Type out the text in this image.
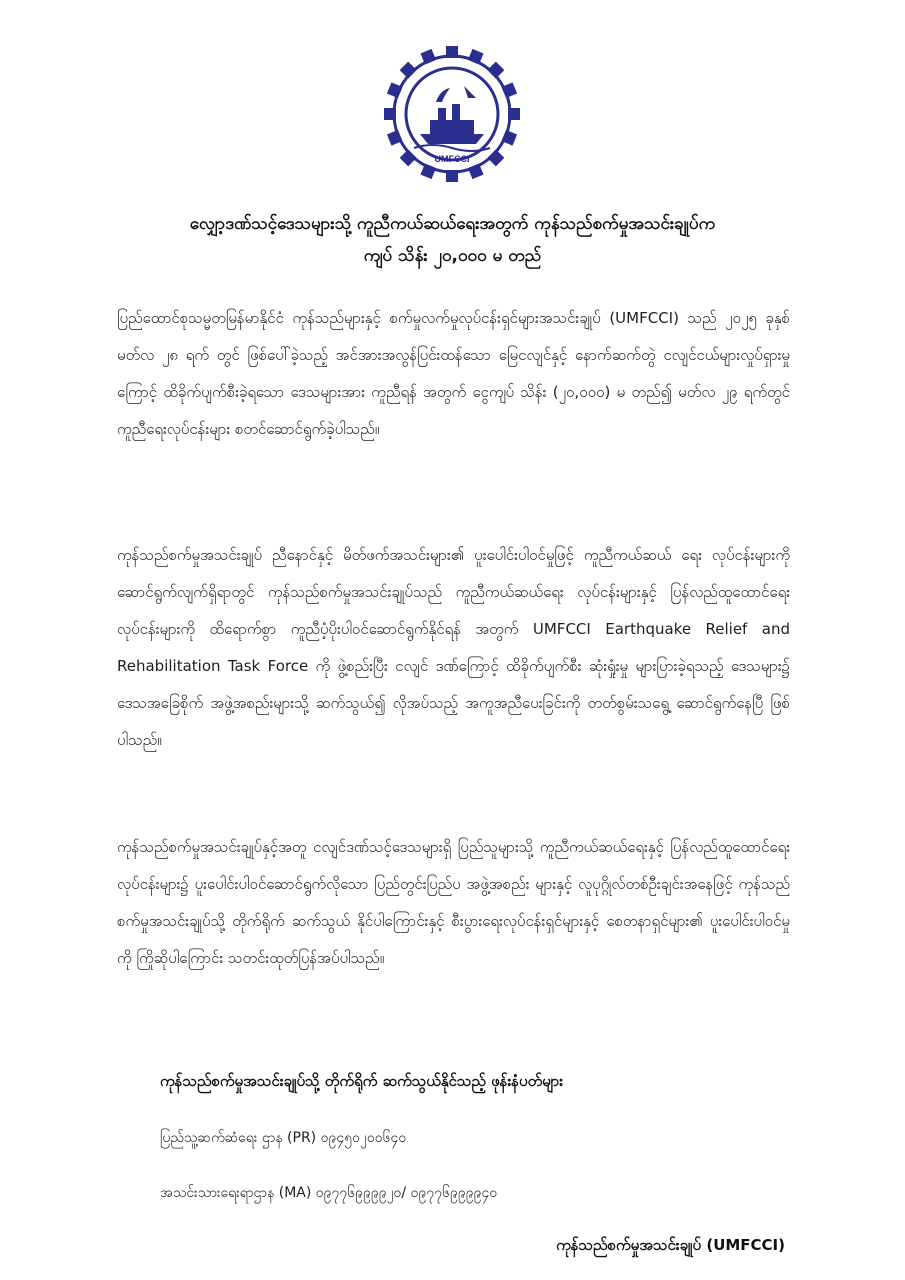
UMFCCI
လျှော့ဒဏ်သင့်ဒေသများသို့ ကူညီကယ်ဆယ်ရေးအတွက် ကုန်သည်စက်မှုအသင်းချုပ်က
ကျပ် သိန်း ၂၀,၀၀၀ မ တည်

ပြည်ထောင်စုသမ္မတမြန်မာနိုင်ငံ ကုန်သည်များနှင့် စက်မှုလက်မှုလုပ်ငန်းရှင်များအသင်းချုပ် (UMFCCI) သည် ၂၀၂၅ ခုနှစ် မတ်လ ၂၈ ရက် တွင် ဖြစ်ပေါ်ခဲ့သည့် အင်အားအလွန်ပြင်းထန်သော မြေငလျင်နှင့် နောက်ဆက်တွဲ ငလျင်ငယ်များလှုပ်ရှားမှုကြောင့် ထိခိုက်ပျက်စီးခဲ့ရသော ဒေသများအား ကူညီရန် အတွက် ငွေကျပ် သိန်း (၂၀,၀၀၀) မ တည်၍ မတ်လ ၂၉ ရက်တွင် ကူညီရေးလုပ်ငန်းများ စတင်ဆောင်ရွက်ခဲ့ပါသည်။

ကုန်သည်စက်မှုအသင်းချုပ် ညီနောင်နှင့် မိတ်ဖက်အသင်းများ၏ ပူးပေါင်းပါဝင်မှုဖြင့် ကူညီကယ်ဆယ် ရေး လုပ်ငန်းများကို ဆောင်ရွက်လျက်ရှိရာတွင် ကုန်သည်စက်မှုအသင်းချုပ်သည် ကူညီကယ်ဆယ်ရေး လုပ်ငန်းများနှင့် ပြန်လည်ထူထောင်ရေးလုပ်ငန်းများကို ထိရောက်စွာ ကူညီပံ့ပိုးပါဝင်ဆောင်ရွက်နိုင်ရန် အတွက် UMFCCI Earthquake Relief and Rehabilitation Task Force ကို ဖွဲ့စည်းပြီး ငလျင် ဒဏ်ကြောင့် ထိခိုက်ပျက်စီး ဆုံးရှုံးမှု များပြားခဲ့ရသည့် ဒေသများ၌ ဒေသအခြေစိုက် အဖွဲ့အစည်းများသို့ ဆက်သွယ်၍ လိုအပ်သည့် အကူအညီပေးခြင်းကို တတ်စွမ်းသရွေ့ ဆောင်ရွက်နေပြီ ဖြစ်ပါသည်။

ကုန်သည်စက်မှုအသင်းချုပ်နှင့်အတူ ငလျင်ဒဏ်သင့်ဒေသများရှိ ပြည်သူများသို့ ကူညီကယ်ဆယ်ရေးနှင့် ပြန်လည်ထူထောင်ရေးလုပ်ငန်းများ၌ ပူးပေါင်းပါဝင်ဆောင်ရွက်လိုသော ပြည်တွင်းပြည်ပ အဖွဲ့အစည်း များနှင့် လူပုဂ္ဂိုလ်တစ်ဦးချင်းအနေဖြင့် ကုန်သည်စက်မှုအသင်းချုပ်သို့ တိုက်ရိုက် ဆက်သွယ် နိုင်ပါကြောင်းနှင့် စီးပွားရေးလုပ်ငန်းရှင်များနှင့် စေတနာရှင်များ၏ ပူးပေါင်းပါဝင်မှုကို ကြိုဆိုပါကြောင်း သတင်းထုတ်ပြန်အပ်ပါသည်။

ကုန်သည်စက်မှုအသင်းချုပ်သို့ တိုက်ရိုက် ဆက်သွယ်နိုင်သည့် ဖုန်းနံပတ်များ
ပြည်သူ့ဆက်ဆံရေး ဌာန (PR) ၀၉၄၅၀၂၀၀၆၄၀
အသင်းသားရေးရာဌာန (MA) ၀၉၇၇၆၉၉၉၉၂၀/ ၀၉၇၇၆၉၉၉၉၄၀
ကုန်သည်စက်မှုအသင်းချုပ် (UMFCCI)
